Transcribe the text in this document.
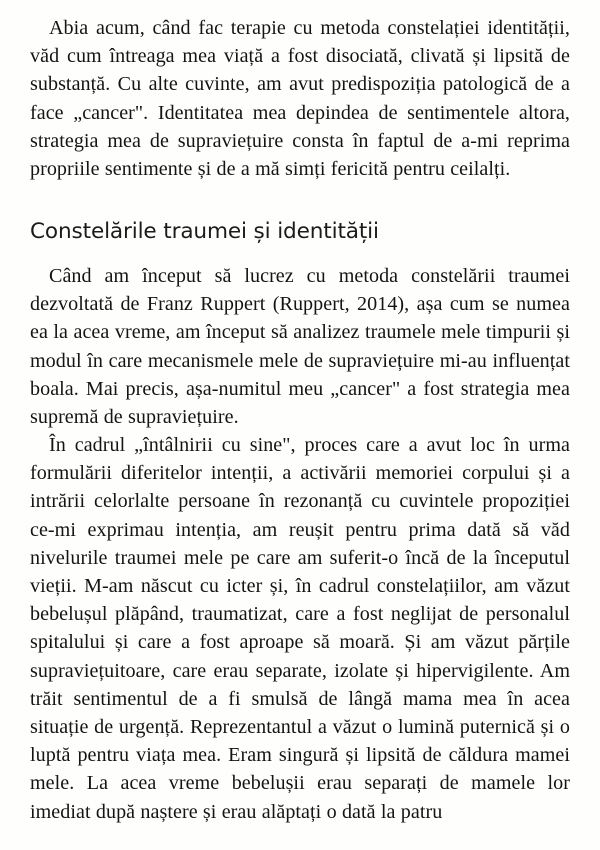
Abia acum, când fac terapie cu metoda constelației identității, văd cum întreaga mea viață a fost disociată, clivată și lipsită de substanță. Cu alte cuvinte, am avut predispoziția patologică de a face „cancer". Identitatea mea depindea de sentimentele altora, strategia mea de supraviețuire consta în faptul de a-mi reprima propriile sentimente și de a mă simți fericită pentru ceilalți.

Constelările traumei și identității

Când am început să lucrez cu metoda constelării traumei dezvoltată de Franz Ruppert (Ruppert, 2014), așa cum se numea ea la acea vreme, am început să analizez traumele mele timpurii și modul în care mecanismele mele de supraviețuire mi-au influențat boala. Mai precis, așa-numitul meu „cancer" a fost strategia mea supremă de supraviețuire.

În cadrul „întâlnirii cu sine", proces care a avut loc în urma formulării diferitelor intenții, a activării memoriei corpului și a intrării celorlalte persoane în rezonanță cu cuvintele propoziției ce-mi exprimau intenția, am reușit pentru prima dată să văd nivelurile traumei mele pe care am suferit-o încă de la începutul vieții. M-am născut cu icter și, în cadrul constelațiilor, am văzut bebelușul plăpând, traumatizat, care a fost neglijat de personalul spitalului și care a fost aproape să moară. Și am văzut părțile supraviețuitoare, care erau separate, izolate și hipervigilente. Am trăit sentimentul de a fi smulsă de lângă mama mea în acea situație de urgență. Reprezentantul a văzut o lumină puternică și o luptă pentru viața mea. Eram singură și lipsită de căldura mamei mele. La acea vreme bebelușii erau separați de mamele lor imediat după naștere și erau alăptați o dată la patru
